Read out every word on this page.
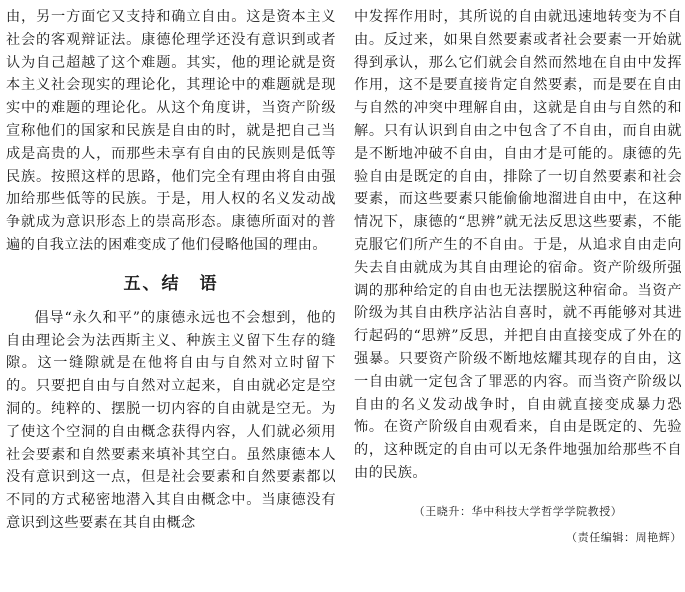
由，另一方面它又支持和确立自由。这是资本主义社会的客观辩证法。康德伦理学还没有意识到或者认为自己超越了这个难题。其实，他的理论就是资本主义社会现实的理论化，其理论中的难题就是现实中的难题的理论化。从这个角度讲，当资产阶级宣称他们的国家和民族是自由的时，就是把自己当成是高贵的人，而那些未享有自由的民族则是低等民族。按照这样的思路，他们完全有理由将自由强加给那些低等的民族。于是，用人权的名义发动战争就成为意识形态上的崇高形态。康德所面对的普遍的自我立法的困难变成了他们侵略他国的理由。

五、结　语

倡导“永久和平”的康德永远也不会想到，他的自由理论会为法西斯主义、种族主义留下生存的缝隙。这一缝隙就是在他将自由与自然对立时留下的。只要把自由与自然对立起来，自由就必定是空洞的。纯粹的、摆脱一切内容的自由就是空无。为了使这个空洞的自由概念获得内容，人们就必须用社会要素和自然要素来填补其空白。虽然康德本人没有意识到这一点，但是社会要素和自然要素都以不同的方式秘密地潜入其自由概念中。当康德没有意识到这些要素在其自由概念

中发挥作用时，其所说的自由就迅速地转变为不自由。反过来，如果自然要素或者社会要素一开始就得到承认，那么它们就会自然而然地在自由中发挥作用，这不是要直接肯定自然要素，而是要在自由与自然的冲突中理解自由，这就是自由与自然的和解。只有认识到自由之中包含了不自由，而自由就是不断地冲破不自由，自由才是可能的。康德的先验自由是既定的自由，排除了一切自然要素和社会要素，而这些要素只能偷偷地溜进自由中，在这种情况下，康德的“思辨”就无法反思这些要素，不能克服它们所产生的不自由。于是，从追求自由走向失去自由就成为其自由理论的宿命。资产阶级所强调的那种给定的自由也无法摆脱这种宿命。当资产阶级为其自由秩序沾沾自喜时，就不再能够对其进行起码的“思辨”反思，并把自由直接变成了外在的强暴。只要资产阶级不断地炫耀其现存的自由，这一自由就一定包含了罪恶的内容。而当资产阶级以自由的名义发动战争时，自由就直接变成暴力恐怖。在资产阶级自由观看来，自由是既定的、先验的，这种既定的自由可以无条件地强加给那些不自由的民族。

（王晓升：华中科技大学哲学学院教授）
（责任编辑：周艳辉）
